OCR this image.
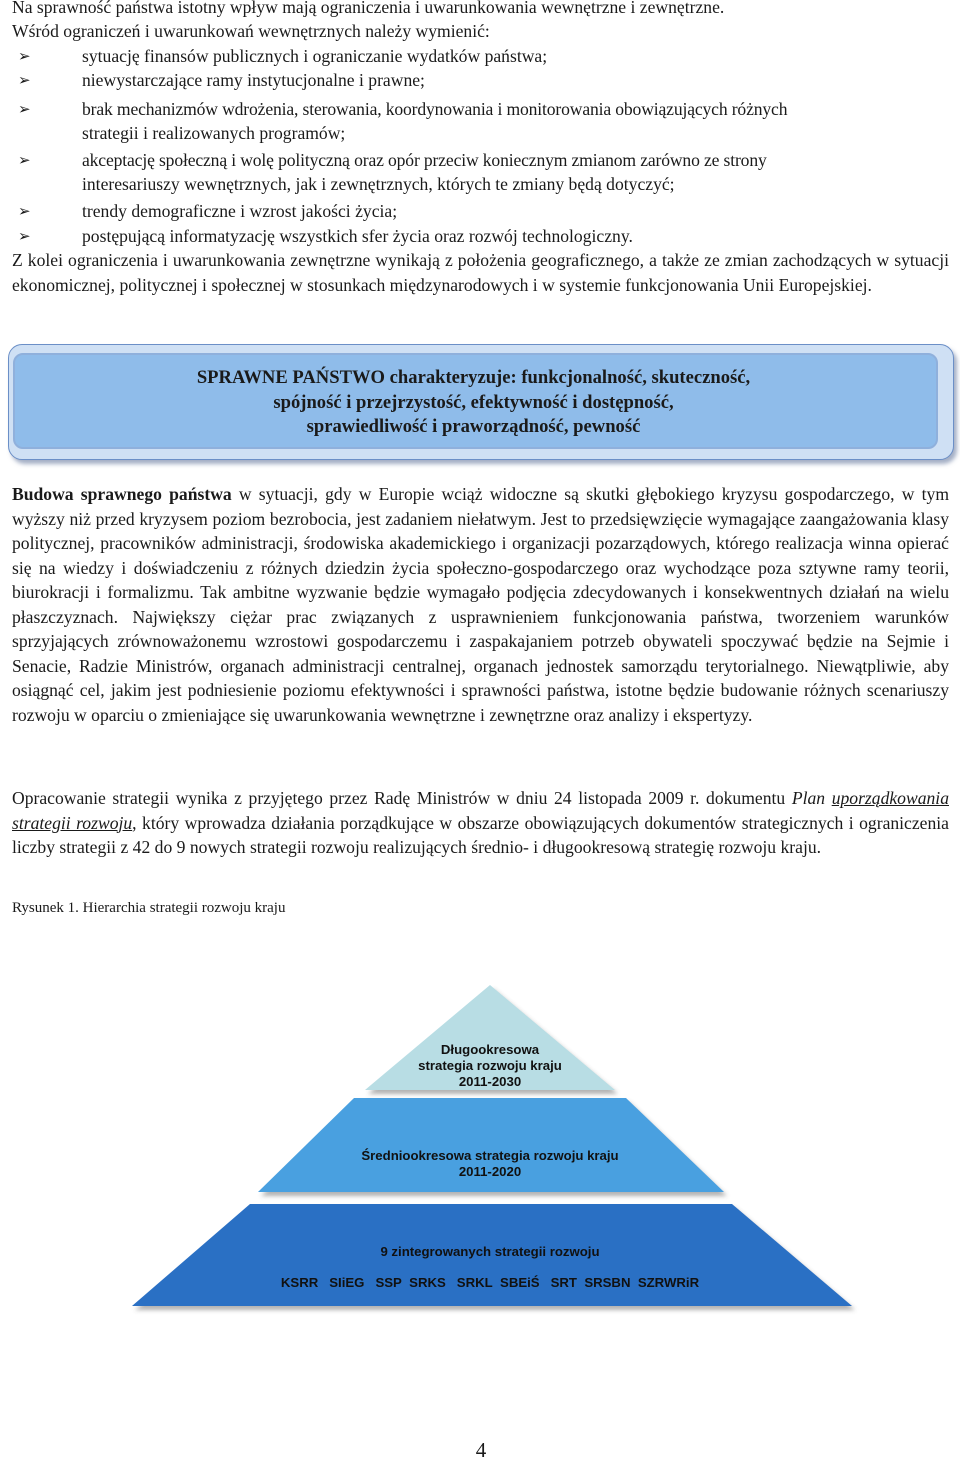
Na sprawność państwa istotny wpływ mają ograniczenia i uwarunkowania wewnętrzne i zewnętrzne.
Wśród ograniczeń i uwarunkowań wewnętrznych należy wymienić:
➢	sytuację finansów publicznych i ograniczanie wydatków państwa;
➢	niewystarczające ramy instytucjonalne i prawne;
➢	brak mechanizmów wdrożenia, sterowania, koordynowania i monitorowania obowiązujących różnych
strategii i realizowanych programów;
➢	akceptację społeczną i wolę polityczną oraz opór przeciw koniecznym zmianom zarówno ze strony
interesariuszy wewnętrznych, jak i zewnętrznych, których te zmiany będą dotyczyć;
➢	trendy demograficzne i wzrost jakości życia;
➢	postępującą informatyzację wszystkich sfer życia oraz rozwój technologiczny.
Z kolei ograniczenia i uwarunkowania zewnętrzne wynikają z położenia geograficznego, a także ze zmian zachodzących w sytuacji ekonomicznej, politycznej i społecznej w stosunkach międzynarodowych i w systemie funkcjonowania Unii Europejskiej.
SPRAWNE PAŃSTWO charakteryzuje: funkcjonalność, skuteczność,
spójność i przejrzystość, efektywność i dostępność,
sprawiedliwość i praworządność, pewność
Budowa sprawnego państwa w sytuacji, gdy w Europie wciąż widoczne są skutki głębokiego kryzysu gospodarczego, w tym wyższy niż przed kryzysem poziom bezrobocia, jest zadaniem niełatwym. Jest to przedsięwzięcie wymagające zaangażowania klasy politycznej, pracowników administracji, środowiska akademickiego i organizacji pozarządowych, którego realizacja winna opierać się na wiedzy i doświadczeniu z różnych dziedzin życia społeczno-gospodarczego oraz wychodzące poza sztywne ramy teorii, biurokracji i formalizmu. Tak ambitne wyzwanie będzie wymagało podjęcia zdecydowanych i konsekwentnych działań na wielu płaszczyznach. Największy ciężar prac związanych z usprawnieniem funkcjonowania państwa, tworzeniem warunków sprzyjających zrównoważonemu wzrostowi gospodarczemu i zaspakajaniem potrzeb obywateli spoczywać będzie na Sejmie i Senacie, Radzie Ministrów, organach administracji centralnej, organach jednostek samorządu terytorialnego. Niewątpliwie, aby osiągnąć cel, jakim jest podniesienie poziomu efektywności i sprawności państwa, istotne będzie budowanie różnych scenariuszy rozwoju w oparciu o zmieniające się uwarunkowania wewnętrzne i zewnętrzne oraz analizy i ekspertyzy.
Opracowanie strategii wynika z przyjętego przez Radę Ministrów w dniu 24 listopada 2009 r. dokumentu Plan uporządkowania strategii rozwoju, który wprowadza działania porządkujące w obszarze obowiązujących dokumentów strategicznych i ograniczenia liczby strategii z 42 do 9 nowych strategii rozwoju realizujących średnio- i długookresową strategię rozwoju kraju.
Rysunek 1. Hierarchia strategii rozwoju kraju
Długookresowa
strategia rozwoju kraju
2011-2030
Średniookresowa strategia rozwoju kraju
2011-2020
9 zintegrowanych strategii rozwoju
KSRR SIiEG SSP SRKS SRKL SBEiŚ SRT SRSBN SZRWRiR
4
